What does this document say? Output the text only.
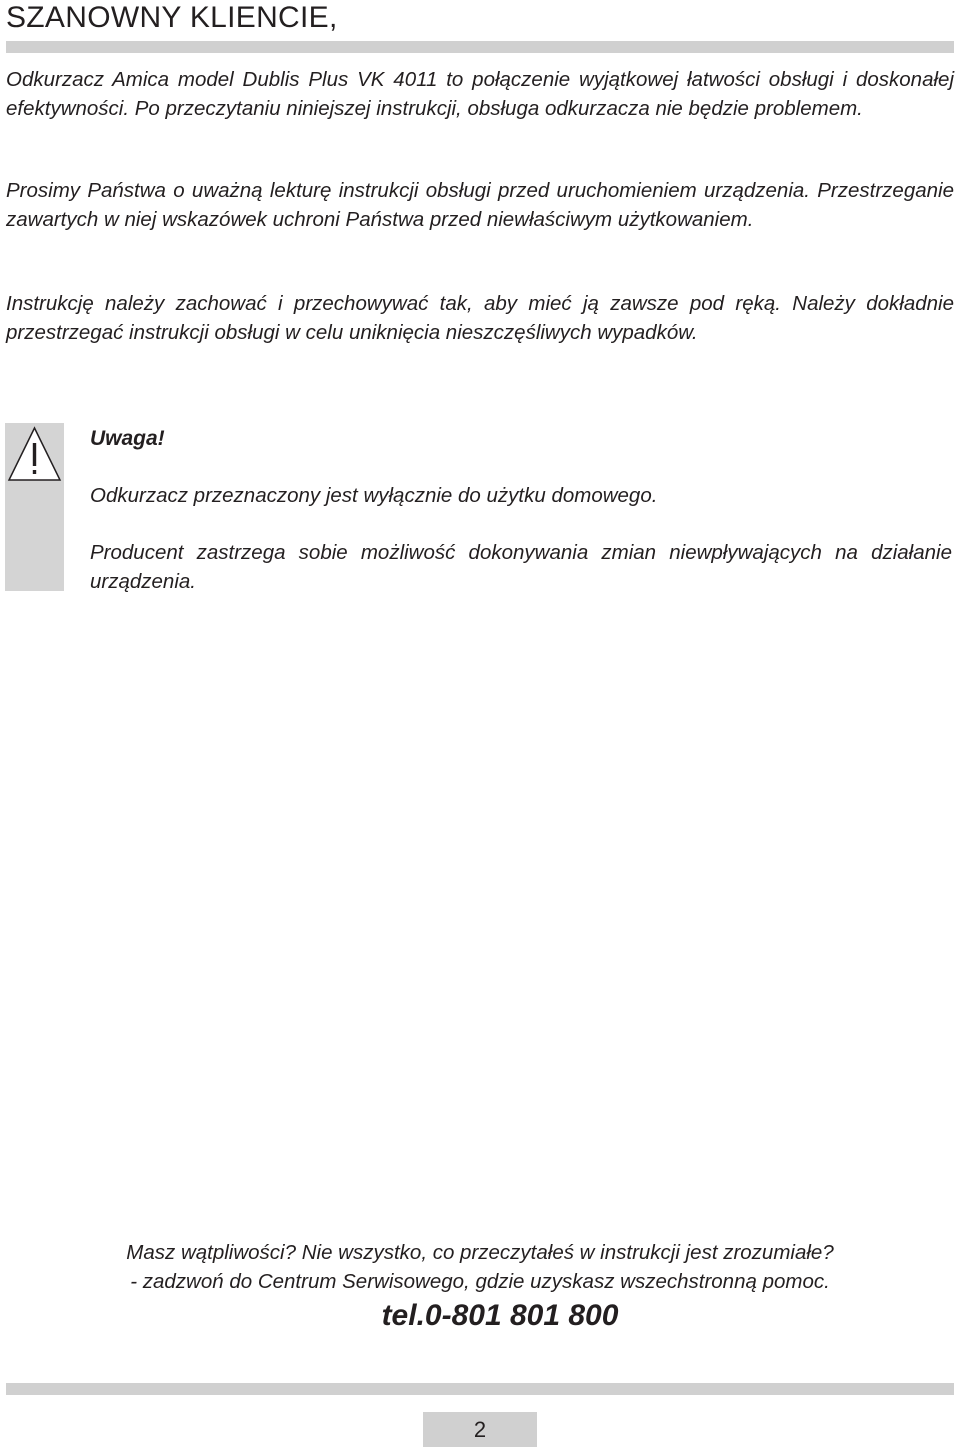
SZANOWNY KLIENCIE,

Odkurzacz Amica model Dublis Plus VK 4011 to połączenie wyjątkowej łatwości obsługi i doskonałej efektywności. Po przeczytaniu niniejszej instrukcji, obsługa odkurzacza nie będzie problemem.

Prosimy Państwa o uważną lekturę instrukcji obsługi przed uruchomieniem urządzenia. Przestrzeganie zawartych w niej wskazówek uchroni Państwa przed niewłaściwym użytkowaniem.

Instrukcję należy zachować i przechowywać tak, aby mieć ją zawsze pod ręką. Należy dokładnie przestrzegać instrukcji obsługi w celu uniknięcia nieszczęśliwych wypadków.

Uwaga!

Odkurzacz przeznaczony jest wyłącznie do użytku domowego.

Producent zastrzega sobie możliwość dokonywania zmian niewpływających na działanie urządzenia.

Masz wątpliwości? Nie wszystko, co przeczytałeś w instrukcji jest zrozumiałe?

- zadzwoń do Centrum Serwisowego, gdzie uzyskasz wszechstronną pomoc.

tel.0-801 801 800

2
